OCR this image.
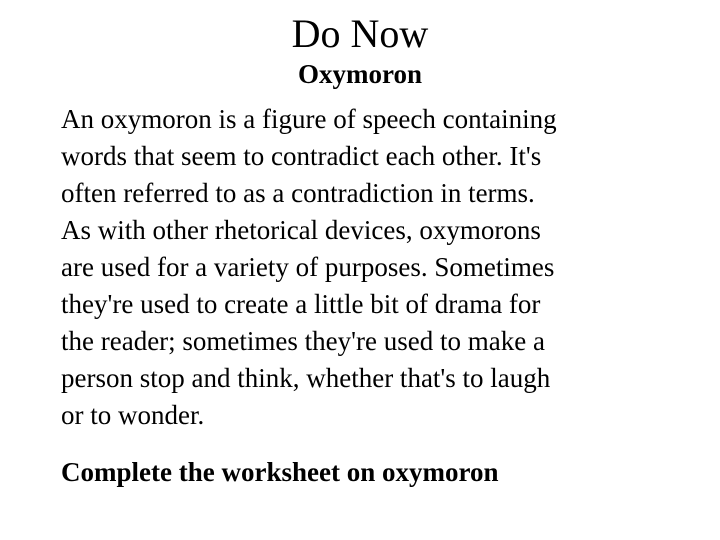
Do Now
Oxymoron
An oxymoron is a figure of speech containing
words that seem to contradict each other. It's
often referred to as a contradiction in terms.
As with other rhetorical devices, oxymorons
are used for a variety of purposes. Sometimes
they're used to create a little bit of drama for
the reader; sometimes they're used to make a
person stop and think, whether that's to laugh
or to wonder.
Complete the worksheet on oxymoron
